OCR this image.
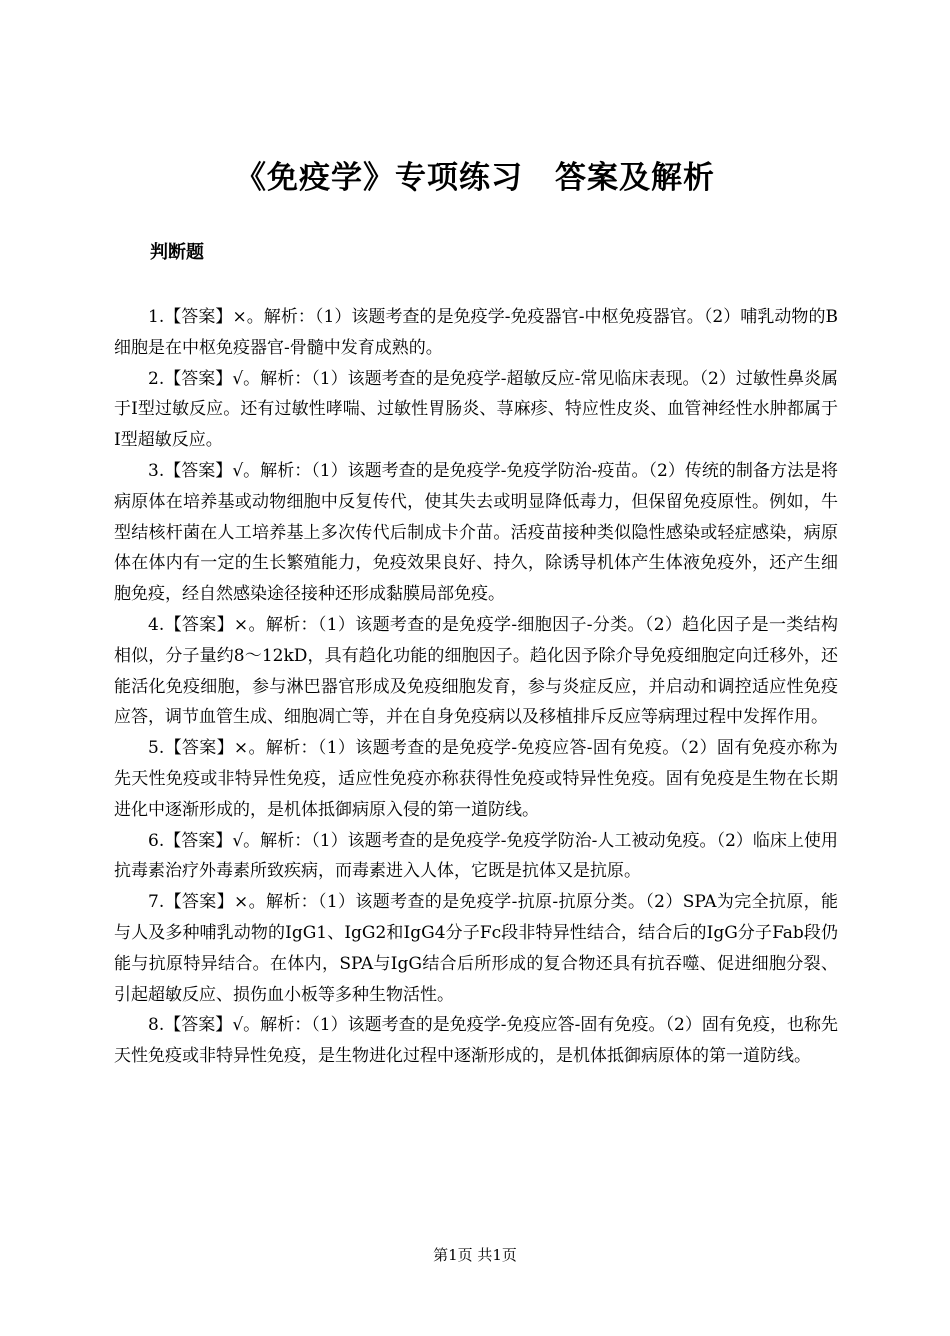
《免疫学》专项练习　答案及解析
判断题

1.【答案】×。解析：（1）该题考查的是免疫学-免疫器官-中枢免疫器官。（2）哺乳动物的B细胞是在中枢免疫器官-骨髓中发育成熟的。

2.【答案】√。解析：（1）该题考查的是免疫学-超敏反应-常见临床表现。（2）过敏性鼻炎属于Ⅰ型过敏反应。还有过敏性哮喘、过敏性胃肠炎、荨麻疹、特应性皮炎、血管神经性水肿都属于Ⅰ型超敏反应。

3.【答案】√。解析：（1）该题考查的是免疫学-免疫学防治-疫苗。（2）传统的制备方法是将病原体在培养基或动物细胞中反复传代，使其失去或明显降低毒力，但保留免疫原性。例如，牛型结核杆菌在人工培养基上多次传代后制成卡介苗。活疫苗接种类似隐性感染或轻症感染，病原体在体内有一定的生长繁殖能力，免疫效果良好、持久，除诱导机体产生体液免疫外，还产生细胞免疫，经自然感染途径接种还形成黏膜局部免疫。

4.【答案】×。解析：（1）该题考查的是免疫学-细胞因子-分类。（2）趋化因子是一类结构相似，分子量约8～12kD，具有趋化功能的细胞因子。趋化因予除介导免疫细胞定向迁移外，还能活化免疫细胞，参与淋巴器官形成及免疫细胞发育，参与炎症反应，并启动和调控适应性免疫应答，调节血管生成、细胞凋亡等，并在自身免疫病以及移植排斥反应等病理过程中发挥作用。

5.【答案】×。解析：（1）该题考查的是免疫学-免疫应答-固有免疫。（2）固有免疫亦称为先天性免疫或非特异性免疫，适应性免疫亦称获得性免疫或特异性免疫。固有免疫是生物在长期进化中逐渐形成的，是机体抵御病原入侵的第一道防线。

6.【答案】√。解析：（1）该题考查的是免疫学-免疫学防治-人工被动免疫。（2）临床上使用抗毒素治疗外毒素所致疾病，而毒素进入人体，它既是抗体又是抗原。

7.【答案】×。解析：（1）该题考查的是免疫学-抗原-抗原分类。（2）SPA为完全抗原，能与人及多种哺乳动物的IgG1、IgG2和IgG4分子Fc段非特异性结合，结合后的IgG分子Fab段仍能与抗原特异结合。在体内，SPA与IgG结合后所形成的复合物还具有抗吞噬、促进细胞分裂、引起超敏反应、损伤血小板等多种生物活性。

8.【答案】√。解析：（1）该题考查的是免疫学-免疫应答-固有免疫。（2）固有免疫，也称先天性免疫或非特异性免疫，是生物进化过程中逐渐形成的，是机体抵御病原体的第一道防线。

第1页 共1页
